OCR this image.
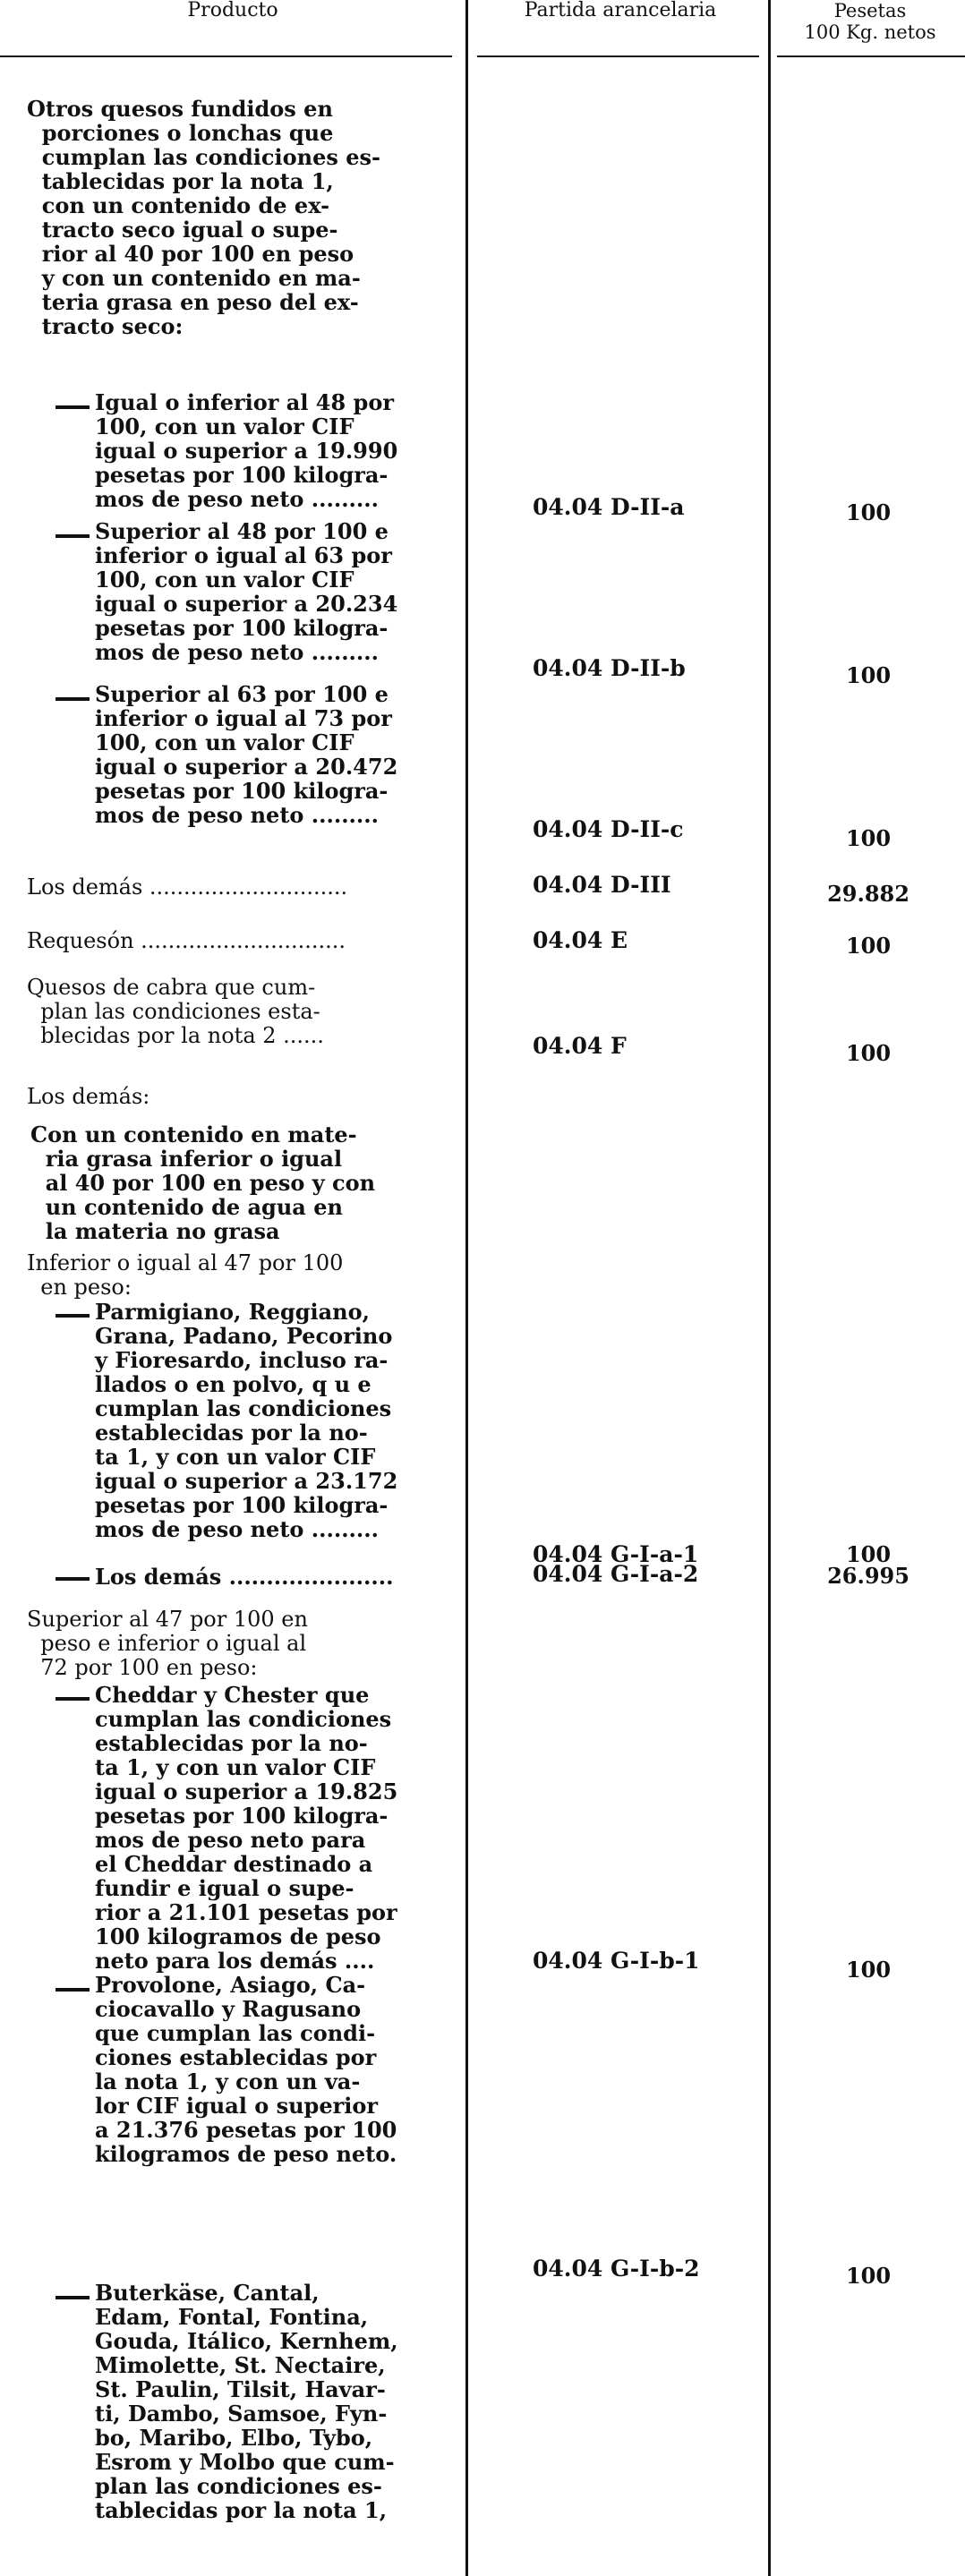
Producto	Partida arancelaria	Pesetas
100 Kg. netos
Otros quesos fundidos en
porciones o lonchas que
cumplan las condiciones es-
tablecidas por la nota 1,
con un contenido de ex-
tracto seco igual o supe-
rior al 40 por 100 en peso
y con un contenido en ma-
teria grasa en peso del ex-
tracto seco:
Igual o inferior al 48 por
100, con un valor CIF
igual o superior a 19.990
pesetas por 100 kilogra-
mos de peso neto .........	04.04 D-II-a	100
Superior al 48 por 100 e
inferior o igual al 63 por
100, con un valor CIF
igual o superior a 20.234
pesetas por 100 kilogra-
mos de peso neto .........
04.04 D-II-b	100
Superior al 63 por 100 e
inferior o igual al 73 por
100, con un valor CIF
igual o superior a 20.472
pesetas por 100 kilogra-
mos de peso neto .........
04.04 D-II-c	100
Los demás .............................	04.04 D-III	29.882
Requesón ..............................	04.04 E	100
Quesos de cabra que cum-
plan las condiciones esta-
blecidas por la nota 2 ......	04.04 F	100
Los demás:
Con un contenido en mate-
ria grasa inferior o igual
al 40 por 100 en peso y con
un contenido de agua en
la materia no grasa
Inferior o igual al 47 por 100
en peso:
Parmigiano, Reggiano,
Grana, Padano, Pecorino
y Fioresardo, incluso ra-
llados o en polvo, q u e
cumplan las condiciones
establecidas por la no-
ta 1, y con un valor CIF
igual o superior a 23.172
pesetas por 100 kilogra-
mos de peso neto .........
04.04 G-I-a-1	100
Los demás ......................	04.04 G-I-a-2	26.995
Superior al 47 por 100 en
peso e inferior o igual al
72 por 100 en peso:
Cheddar y Chester que
cumplan las condiciones
establecidas por la no-
ta 1, y con un valor CIF
igual o superior a 19.825
pesetas por 100 kilogra-
mos de peso neto para
el Cheddar destinado a
fundir e igual o supe-
rior a 21.101 pesetas por
100 kilogramos de peso
neto para los demás ....	04.04 G-I-b-1	100
Provolone, Asiago, Ca-
ciocavallo y Ragusano
que cumplan las condi-
ciones establecidas por
la nota 1, y con un va-
lor CIF igual o superior
a 21.376 pesetas por 100
kilogramos de peso neto.
04.04 G-I-b-2	100
Buterkäse, Cantal,
Edam, Fontal, Fontina,
Gouda, Itálico, Kernhem,
Mimolette, St. Nectaire,
St. Paulin, Tilsit, Havar-
ti, Dambo, Samsoe, Fyn-
bo, Maribo, Elbo, Tybo,
Esrom y Molbo que cum-
plan las condiciones es-
tablecidas por la nota 1,
